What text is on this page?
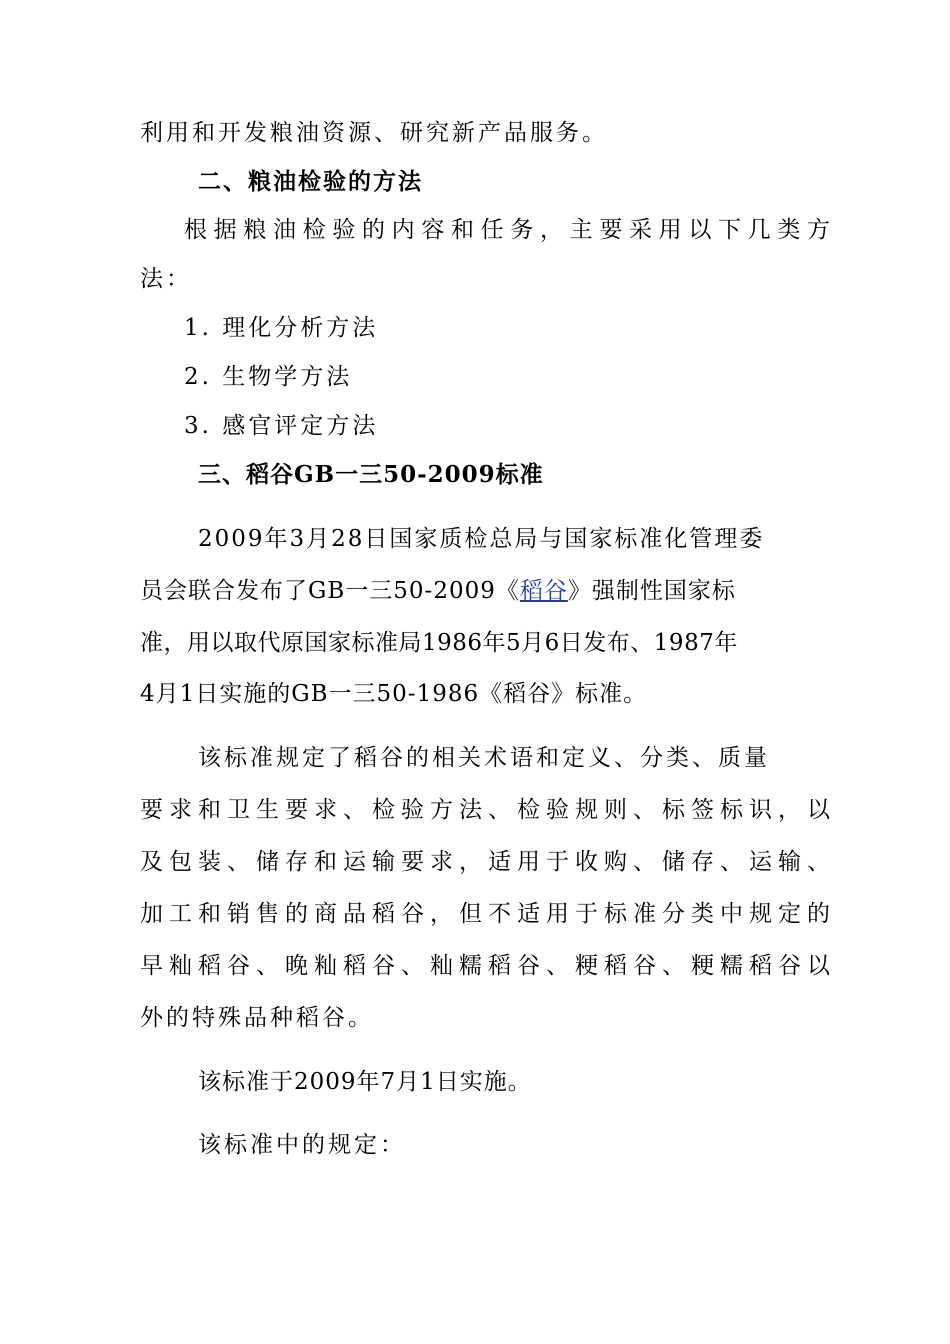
利用和开发粮油资源、研究新产品服务。
二、粮油检验的方法
根据粮油检验的内容和任务，主要采用以下几类方
法：
1. 理化分析方法
2. 生物学方法
3. 感官评定方法
三、稻谷GB一三50-2009标准
2009年3月28日国家质检总局与国家标准化管理委
员会联合发布了GB一三50-2009《稻谷》强制性国家标
准，用以取代原国家标准局1986年5月6日发布、1987年
4月1日实施的GB一三50-1986《稻谷》标准。
该标准规定了稻谷的相关术语和定义、分类、质量
要求和卫生要求、检验方法、检验规则、标签标识，以
及包装、储存和运输要求，适用于收购、储存、运输、
加工和销售的商品稻谷，但不适用于标准分类中规定的
早籼稻谷、晚籼稻谷、籼糯稻谷、粳稻谷、粳糯稻谷以
外的特殊品种稻谷。
该标准于2009年7月1日实施。
该标准中的规定：
